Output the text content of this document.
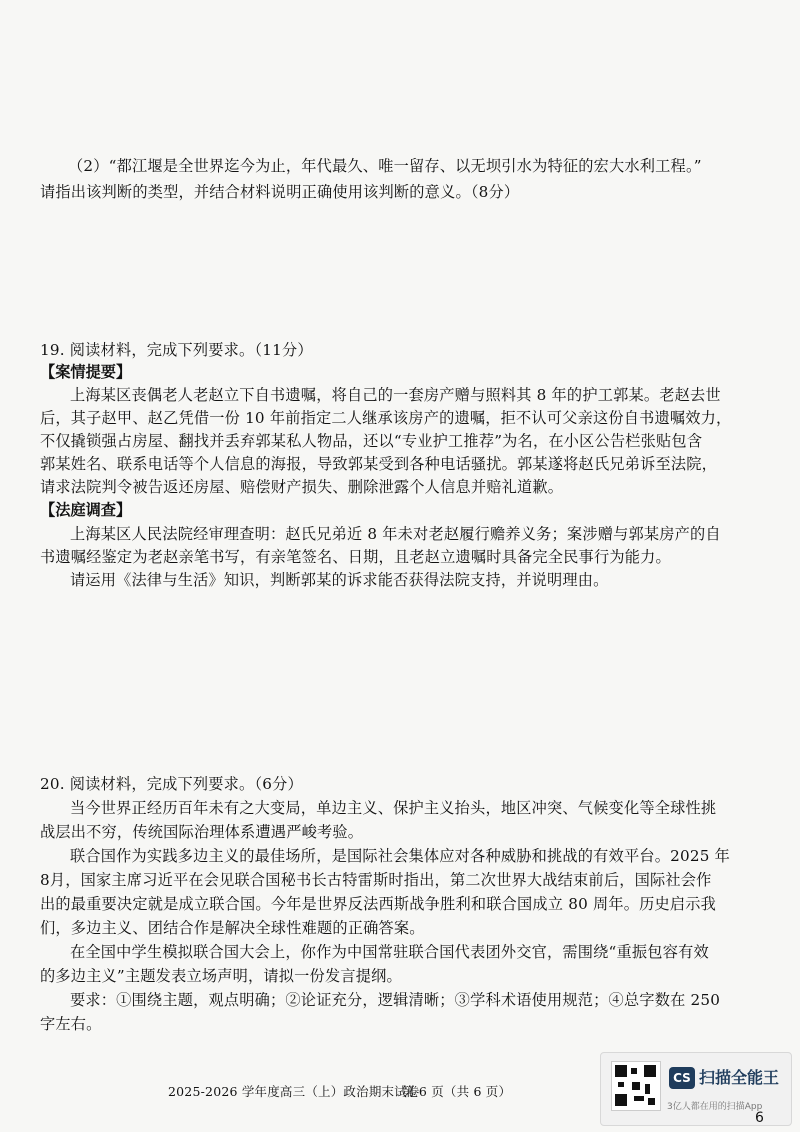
（2）“都江堰是全世界迄今为止，年代最久、唯一留存、以无坝引水为特征的宏大水利工程。”
请指出该判断的类型，并结合材料说明正确使用该判断的意义。（8分）
19. 阅读材料，完成下列要求。（11分）
【案情提要】
上海某区丧偶老人老赵立下自书遗嘱，将自己的一套房产赠与照料其 8 年的护工郭某。老赵去世
后，其子赵甲、赵乙凭借一份 10 年前指定二人继承该房产的遗嘱，拒不认可父亲这份自书遗嘱效力，
不仅撬锁强占房屋、翻找并丢弃郭某私人物品，还以“专业护工推荐”为名，在小区公告栏张贴包含
郭某姓名、联系电话等个人信息的海报，导致郭某受到各种电话骚扰。郭某遂将赵氏兄弟诉至法院，
请求法院判令被告返还房屋、赔偿财产损失、删除泄露个人信息并赔礼道歉。
【法庭调查】
上海某区人民法院经审理查明：赵氏兄弟近 8 年未对老赵履行赡养义务；案涉赠与郭某房产的自
书遗嘱经鉴定为老赵亲笔书写，有亲笔签名、日期，且老赵立遗嘱时具备完全民事行为能力。
请运用《法律与生活》知识，判断郭某的诉求能否获得法院支持，并说明理由。
20. 阅读材料，完成下列要求。（6分）
当今世界正经历百年未有之大变局，单边主义、保护主义抬头，地区冲突、气候变化等全球性挑
战层出不穷，传统国际治理体系遭遇严峻考验。
联合国作为实践多边主义的最佳场所，是国际社会集体应对各种威胁和挑战的有效平台。2025 年
8月，国家主席习近平在会见联合国秘书长古特雷斯时指出，第二次世界大战结束前后，国际社会作
出的最重要决定就是成立联合国。今年是世界反法西斯战争胜利和联合国成立 80 周年。历史启示我
们，多边主义、团结合作是解决全球性难题的正确答案。
在全国中学生模拟联合国大会上，你作为中国常驻联合国代表团外交官，需围绕“重振包容有效
的多边主义”主题发表立场声明，请拟一份发言提纲。
要求：①围绕主题，观点明确；②论证充分，逻辑清晰；③学科术语使用规范；④总字数在 250
字左右。
2025-2026 学年度高三（上）政治期末试卷
第 6 页（共 6 页）
CS 扫描全能王
3亿人都在用的扫描App
6
